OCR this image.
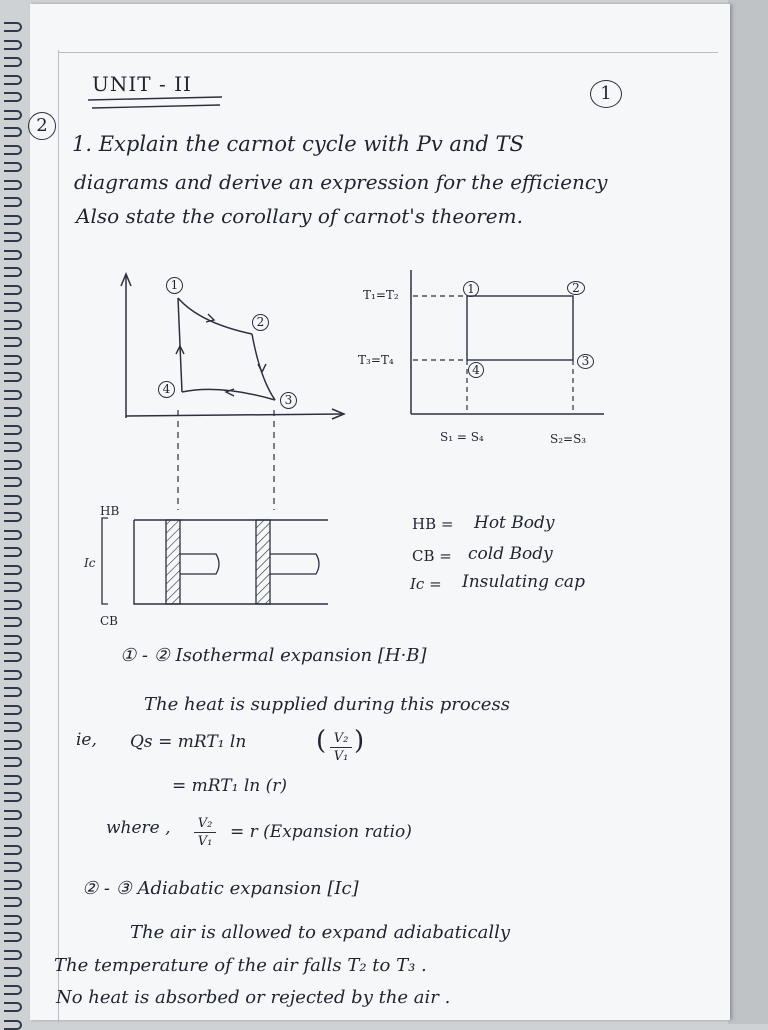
UNIT - II	1
2
1. Explain the carnot cycle with Pv and TS
diagrams and derive an expression for the efficiency
Also state the corollary of carnot's theorem.
1
2
3
4
T₁=T₂
T₃=T₄
S₁ = S₄	S₂=S₃
1	2
3
4
HB
Ic
CB
HB = Hot Body
CB = cold Body
Ic = Insulating cap
① - ② Isothermal expansion [H·B]
The heat is supplied during this process
ie, Qs = mRT₁ ln	( V₂
V₁
)
= mRT₁ ln (r)
where , V₂
V₁ = r (Expansion ratio)
② - ③ Adiabatic expansion [Ic]
The air is allowed to expand adiabatically
The temperature of the air falls T₂ to T₃ .
No heat is absorbed or rejected by the air .
